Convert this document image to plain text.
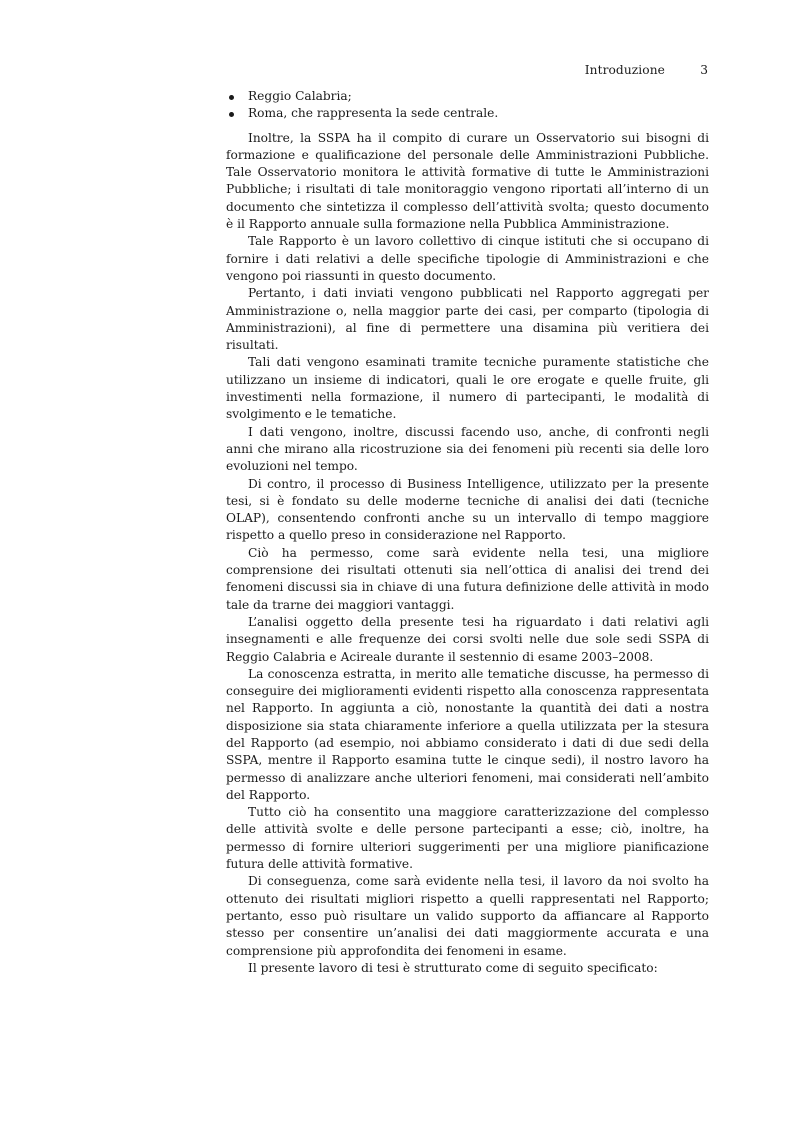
Introduzione	3
Reggio Calabria;
Roma, che rappresenta la sede centrale.

Inoltre, la SSPA ha il compito di curare un Osservatorio sui bisogni di formazione e qualificazione del personale delle Amministrazioni Pubbliche. Tale Osservatorio monitora le attività formative di tutte le Amministrazioni Pubbliche; i risultati di tale monitoraggio vengono riportati all’interno di un documento che sintetizza il complesso dell’attività svolta; questo documento è il Rapporto annuale sulla formazione nella Pubblica Amministrazione.

Tale Rapporto è un lavoro collettivo di cinque istituti che si occupano di fornire i dati relativi a delle specifiche tipologie di Amministrazioni e che vengono poi riassunti in questo documento.

Pertanto, i dati inviati vengono pubblicati nel Rapporto aggregati per Amministrazione o, nella maggior parte dei casi, per comparto (tipologia di Amministrazioni), al fine di permettere una disamina più veritiera dei risultati.

Tali dati vengono esaminati tramite tecniche puramente statistiche che utilizzano un insieme di indicatori, quali le ore erogate e quelle fruite, gli investimenti nella formazione, il numero di partecipanti, le modalità di svolgimento e le tematiche.

I dati vengono, inoltre, discussi facendo uso, anche, di confronti negli anni che mirano alla ricostruzione sia dei fenomeni più recenti sia delle loro evoluzioni nel tempo.

Di contro, il processo di Business Intelligence, utilizzato per la presente tesi, si è fondato su delle moderne tecniche di analisi dei dati (tecniche OLAP), consentendo confronti anche su un intervallo di tempo maggiore rispetto a quello preso in considerazione nel Rapporto.

Ciò ha permesso, come sarà evidente nella tesi, una migliore comprensione dei risultati ottenuti sia nell’ottica di analisi dei trend dei fenomeni discussi sia in chiave di una futura definizione delle attività in modo tale da trarne dei maggiori vantaggi.

L’analisi oggetto della presente tesi ha riguardato i dati relativi agli insegnamenti e alle frequenze dei corsi svolti nelle due sole sedi SSPA di Reggio Calabria e Acireale durante il sestennio di esame 2003–2008.

La conoscenza estratta, in merito alle tematiche discusse, ha permesso di conseguire dei miglioramenti evidenti rispetto alla conoscenza rappresentata nel Rapporto. In aggiunta a ciò, nonostante la quantità dei dati a nostra disposizione sia stata chiaramente inferiore a quella utilizzata per la stesura del Rapporto (ad esempio, noi abbiamo considerato i dati di due sedi della SSPA, mentre il Rapporto esamina tutte le cinque sedi), il nostro lavoro ha permesso di analizzare anche ulteriori fenomeni, mai considerati nell’ambito del Rapporto.

Tutto ciò ha consentito una maggiore caratterizzazione del complesso delle attività svolte e delle persone partecipanti a esse; ciò, inoltre, ha permesso di fornire ulteriori suggerimenti per una migliore pianificazione futura delle attività formative.

Di conseguenza, come sarà evidente nella tesi, il lavoro da noi svolto ha ottenuto dei risultati migliori rispetto a quelli rappresentati nel Rapporto; pertanto, esso può risultare un valido supporto da affiancare al Rapporto stesso per consentire un’analisi dei dati maggiormente accurata e una comprensione più approfondita dei fenomeni in esame.

Il presente lavoro di tesi è strutturato come di seguito specificato:
